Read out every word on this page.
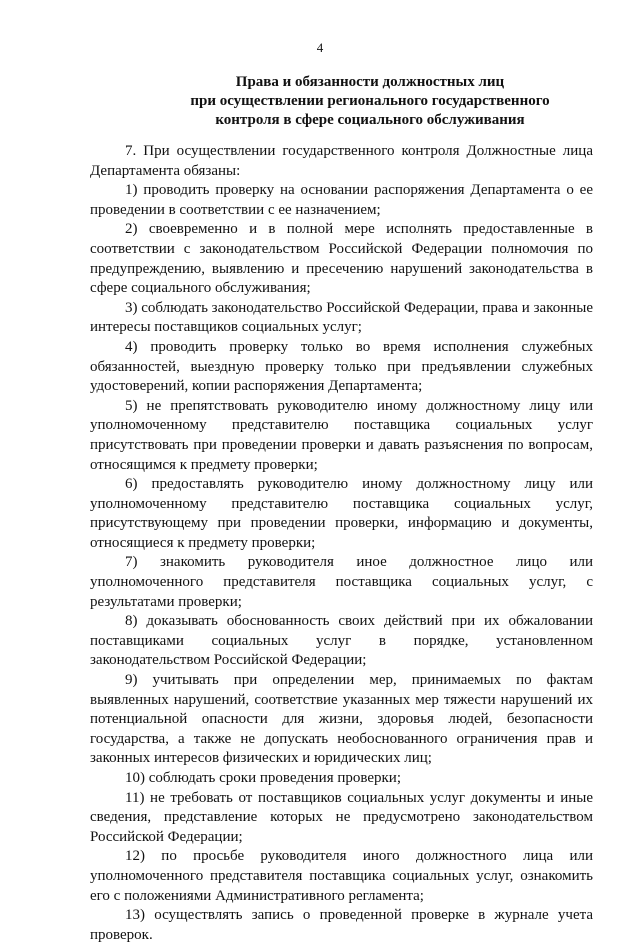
4
Права и обязанности должностных лиц
при осуществлении регионального государственного
контроля в сфере социального обслуживания

7. При осуществлении государственного контроля Должностные лица Департамента обязаны:

1) проводить проверку на основании распоряжения Департамента о ее проведении в соответствии с ее назначением;

2) своевременно и в полной мере исполнять предоставленные в соответствии с законодательством Российской Федерации полномочия по предупреждению, выявлению и пресечению нарушений законодательства в сфере социального обслуживания;

3) соблюдать законодательство Российской Федерации, права и законные интересы поставщиков социальных услуг;

4) проводить проверку только во время исполнения служебных обязанностей, выездную проверку только при предъявлении служебных удостоверений, копии распоряжения Департамента;

5) не препятствовать руководителю иному должностному лицу или уполномоченному представителю поставщика социальных услуг присутствовать при проведении проверки и давать разъяснения по вопросам, относящимся к предмету проверки;

6) предоставлять руководителю иному должностному лицу или уполномоченному представителю поставщика социальных услуг, присутствующему при проведении проверки, информацию и документы, относящиеся к предмету проверки;

7) знакомить руководителя иное должностное лицо или уполномоченного представителя поставщика социальных услуг, с результатами проверки;

8) доказывать обоснованность своих действий при их обжаловании поставщиками социальных услуг в порядке, установленном законодательством Российской Федерации;

9) учитывать при определении мер, принимаемых по фактам выявленных нарушений, соответствие указанных мер тяжести нарушений их потенциальной опасности для жизни, здоровья людей, безопасности государства, а также не допускать необоснованного ограничения прав и законных интересов физических и юридических лиц;

10) соблюдать сроки проведения проверки;

11) не требовать от поставщиков социальных услуг документы и иные сведения, представление которых не предусмотрено законодательством Российской Федерации;

12) по просьбе руководителя иного должностного лица или уполномоченного представителя поставщика социальных услуг, ознакомить его с положениями Административного регламента;

13) осуществлять запись о проведенной проверке в журнале учета проверок.
